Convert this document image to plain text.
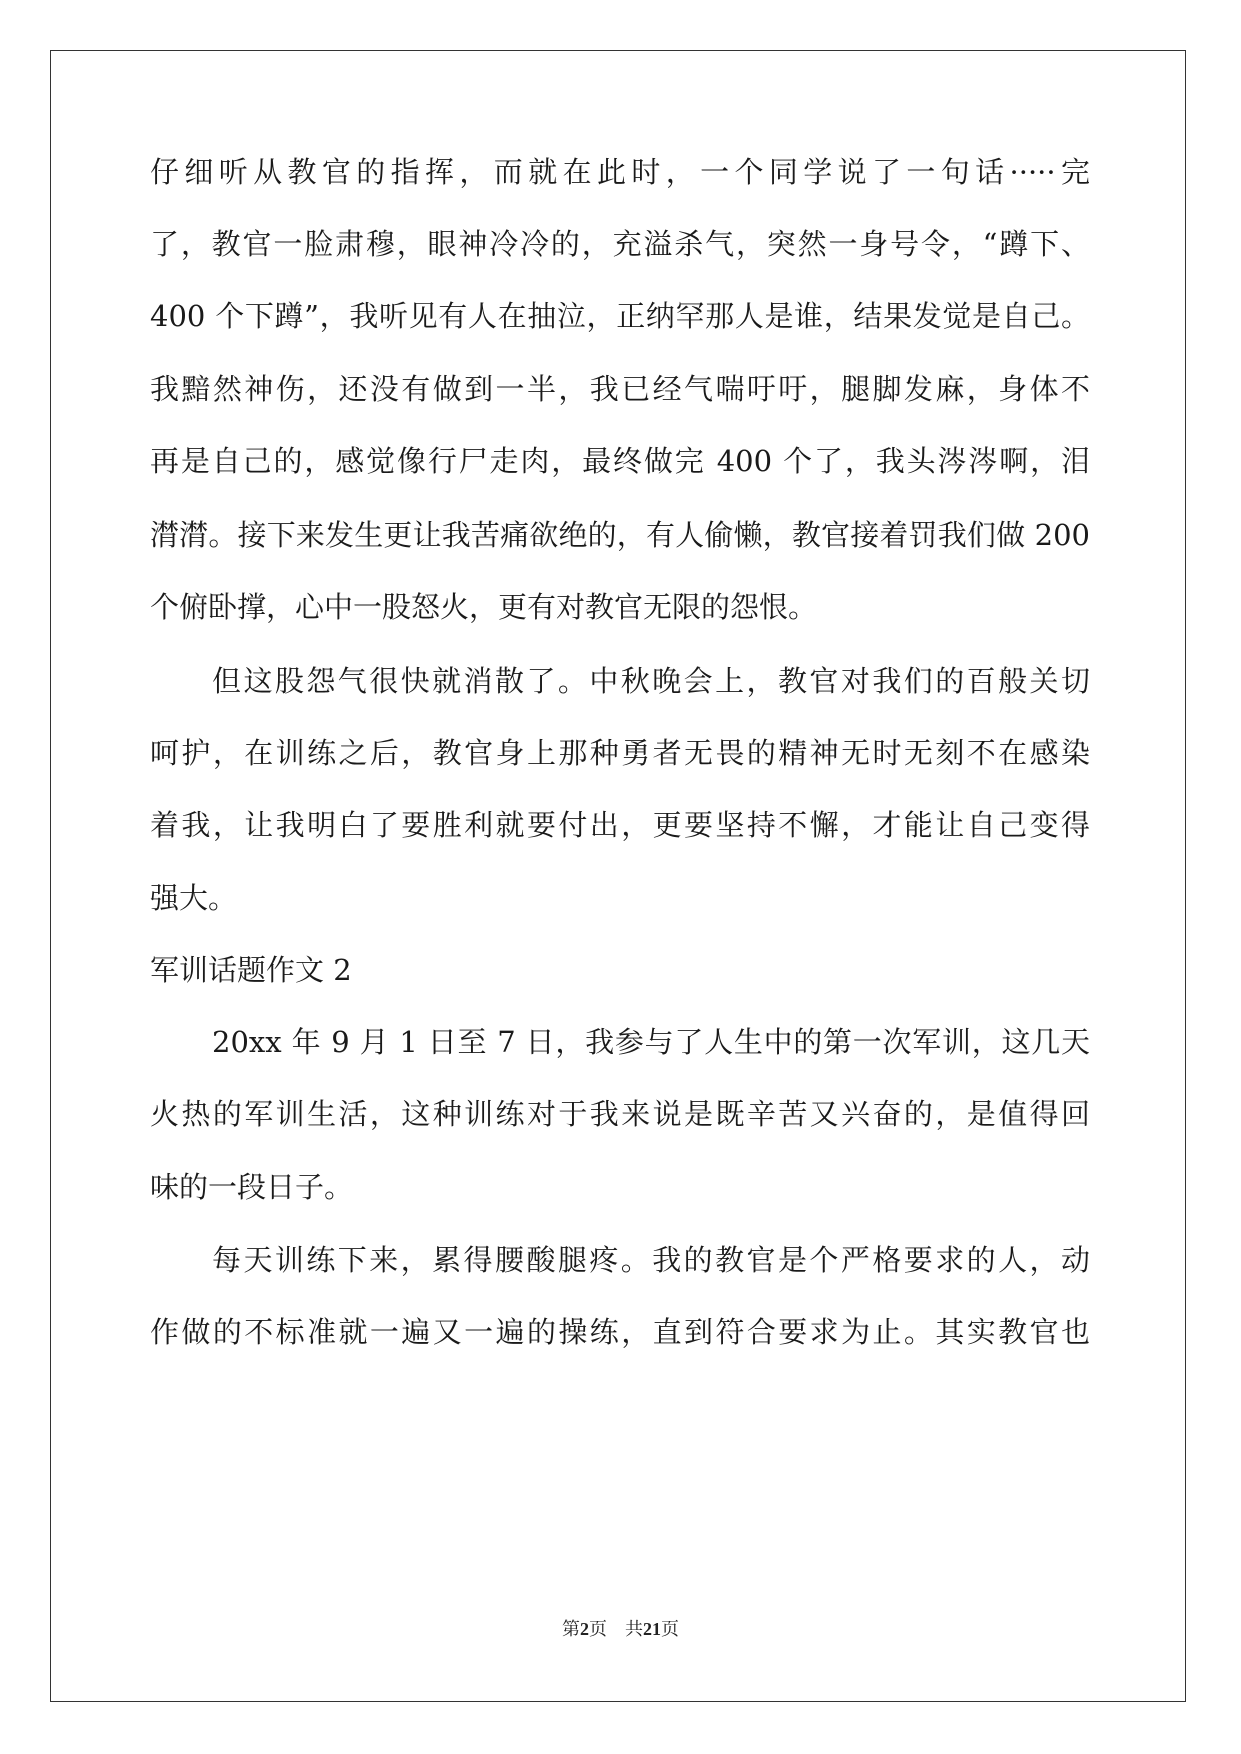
仔细听从教官的指挥，而就在此时，一个同学说了一句话·····完
了，教官一脸肃穆，眼神冷冷的，充溢杀气，突然一身号令，“蹲下、
400 个下蹲”，我听见有人在抽泣，正纳罕那人是谁，结果发觉是自己。
我黯然神伤，还没有做到一半，我已经气喘吁吁，腿脚发麻，身体不
再是自己的，感觉像行尸走肉，最终做完 400 个了，我头涔涔啊，泪
潸潸。接下来发生更让我苦痛欲绝的，有人偷懒，教官接着罚我们做 200
个俯卧撑，心中一股怒火，更有对教官无限的怨恨。
但这股怨气很快就消散了。中秋晚会上，教官对我们的百般关切
呵护，在训练之后，教官身上那种勇者无畏的精神无时无刻不在感染
着我，让我明白了要胜利就要付出，更要坚持不懈，才能让自己变得
强大。
军训话题作文 2
20xx 年 9 月 1 日至 7 日，我参与了人生中的第一次军训，这几天
火热的军训生活，这种训练对于我来说是既辛苦又兴奋的，是值得回
味的一段日子。
每天训练下来，累得腰酸腿疼。我的教官是个严格要求的人，动
作做的不标准就一遍又一遍的操练，直到符合要求为止。其实教官也
第2页　共21页
